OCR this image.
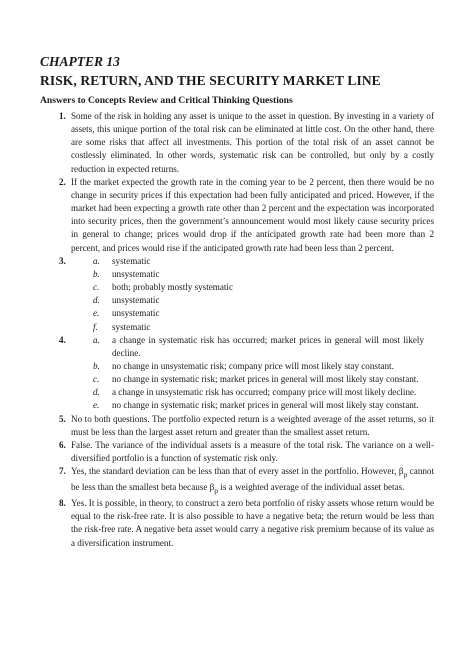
CHAPTER 13

RISK, RETURN, AND THE SECURITY MARKET LINE

Answers to Concepts Review and Critical Thinking Questions

1. Some of the risk in holding any asset is unique to the asset in question. By investing in a variety of assets, this unique portion of the total risk can be eliminated at little cost. On the other hand, there are some risks that affect all investments. This portion of the total risk of an asset cannot be costlessly eliminated. In other words, systematic risk can be controlled, but only by a costly reduction in expected returns.
2. If the market expected the growth rate in the coming year to be 2 percent, then there would be no change in security prices if this expectation had been fully anticipated and priced. However, if the market had been expecting a growth rate other than 2 percent and the expectation was incorporated into security prices, then the government’s announcement would most likely cause security prices in general to change; prices would drop if the anticipated growth rate had been more than 2 percent, and prices would rise if the anticipated growth rate had been less than 2 percent.
3.	a. systematic
b. unsystematic
c. both; probably mostly systematic
d. unsystematic
e. unsystematic
f. systematic
4.	a. a change in systematic risk has occurred; market prices in general will most likely decline.
b. no change in unsystematic risk; company price will most likely stay constant.
c. no change in systematic risk; market prices in general will most likely stay constant.
d. a change in unsystematic risk has occurred; company price will most likely decline.
e. no change in systematic risk; market prices in general will most likely stay constant.
5. No to both questions. The portfolio expected return is a weighted average of the asset returns, so it must be less than the largest asset return and greater than the smallest asset return.
6. False. The variance of the individual assets is a measure of the total risk. The variance on a well-diversified portfolio is a function of systematic risk only.
7. Yes, the standard deviation can be less than that of every asset in the portfolio. However, $\beta_p$ cannot be less than the smallest beta because $\beta_p$ is a weighted average of the individual asset betas.
8. Yes. It is possible, in theory, to construct a zero beta portfolio of risky assets whose return would be equal to the risk-free rate. It is also possible to have a negative beta; the return would be less than the risk-free rate. A negative beta asset would carry a negative risk premium because of its value as a diversification instrument.
